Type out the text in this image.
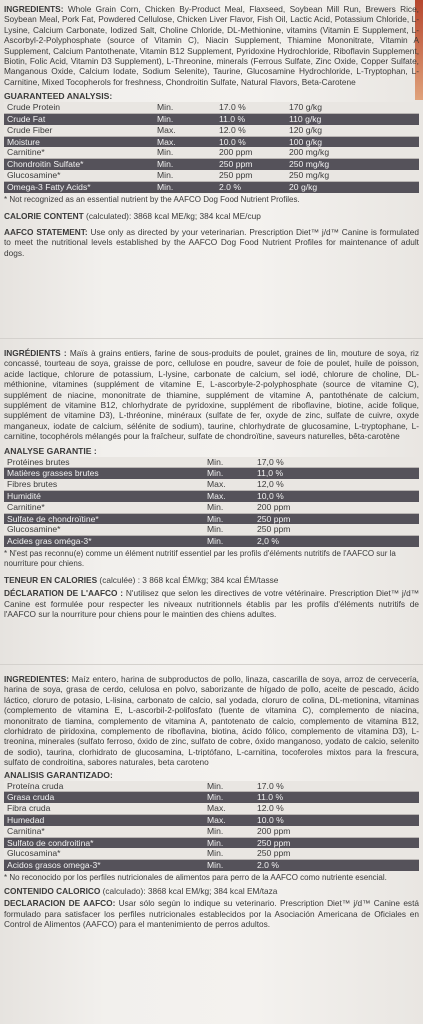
INGREDIENTS: Whole Grain Corn, Chicken By-Product Meal, Flaxseed, Soybean Mill Run, Brewers Rice, Soybean Meal, Pork Fat, Powdered Cellulose, Chicken Liver Flavor, Fish Oil, Lactic Acid, Potassium Chloride, L-Lysine, Calcium Carbonate, Iodized Salt, Choline Chloride, DL-Methionine, vitamins (Vitamin E Supplement, L-Ascorbyl-2-Polyphosphate (source of Vitamin C), Niacin Supplement, Thiamine Mononitrate, Vitamin A Supplement, Calcium Pantothenate, Vitamin B12 Supplement, Pyridoxine Hydrochloride, Riboflavin Supplement, Biotin, Folic Acid, Vitamin D3 Supplement), L-Threonine, minerals (Ferrous Sulfate, Zinc Oxide, Copper Sulfate, Manganous Oxide, Calcium Iodate, Sodium Selenite), Taurine, Glucosamine Hydrochloride, L-Tryptophan, L-Carnitine, Mixed Tocopherols for freshness, Chondroitin Sulfate, Natural Flavors, Beta-Carotene
GUARANTEED ANALYSIS:
Crude Protein	Min.	17.0 %	170 g/kg
Crude Fat	Min.	11.0 %	110 g/kg
Crude Fiber	Max.	12.0 %	120 g/kg
Moisture	Max.	10.0 %	100 g/kg
Carnitine*	Min.	200 ppm	200 mg/kg
Chondroitin Sulfate*	Min.	250 ppm	250 mg/kg
Glucosamine*	Min.	250 ppm	250 mg/kg
Omega-3 Fatty Acids*	Min.	2.0 %	20 g/kg
* Not recognized as an essential nutrient by the AAFCO Dog Food Nutrient Profiles.
CALORIE CONTENT (calculated): 3868 kcal ME/kg; 384 kcal ME/cup
AAFCO STATEMENT: Use only as directed by your veterinarian. Prescription Diet™ j/d™ Canine is formulated to meet the nutritional levels established by the AAFCO Dog Food Nutrient Profiles for maintenance of adult dogs.
INGRÉDIENTS : Maïs à grains entiers, farine de sous-produits de poulet, graines de lin, mouture de soya, riz concassé, tourteau de soya, graisse de porc, cellulose en poudre, saveur de foie de poulet, huile de poisson, acide lactique, chlorure de potassium, L-lysine, carbonate de calcium, sel iodé, chlorure de choline, DL-méthionine, vitamines (supplément de vitamine E, L-ascorbyle-2-polyphosphate (source de vitamine C), supplément de niacine, mononitrate de thiamine, supplément de vitamine A, pantothénate de calcium, supplément de vitamine B12, chlorhydrate de pyridoxine, supplément de riboflavine, biotine, acide folique, supplément de vitamine D3), L-thréonine, minéraux (sulfate de fer, oxyde de zinc, sulfate de cuivre, oxyde manganeux, iodate de calcium, sélénite de sodium), taurine, chlorhydrate de glucosamine, L-tryptophane, L-carnitine, tocophérols mélangés pour la fraîcheur, sulfate de chondroïtine, saveurs naturelles, bêta-carotène
ANALYSE GARANTIE :
Protéines brutes	Min.	17,0 %
Matières grasses brutes	Min.	11,0 %
Fibres brutes	Max.	12,0 %
Humidité	Max.	10,0 %
Carnitine*	Min.	200 ppm
Sulfate de chondroïtine*	Min.	250 ppm
Glucosamine*	Min.	250 ppm
Acides gras oméga-3*	Min.	2,0 %
* N'est pas reconnu(e) comme un élément nutritif essentiel par les profils d'éléments nutritifs de l'AAFCO sur la nourriture pour chiens.
TENEUR EN CALORIES (calculée) : 3 868 kcal ÉM/kg; 384 kcal ÉM/tasse
DÉCLARATION DE L'AAFCO : N'utilisez que selon les directives de votre vétérinaire. Prescription Diet™ j/d™ Canine est formulée pour respecter les niveaux nutritionnels établis par les profils d'éléments nutritifs de l'AAFCO sur la nourriture pour chiens pour le maintien des chiens adultes.
INGREDIENTES: Maíz entero, harina de subproductos de pollo, linaza, cascarilla de soya, arroz de cervecería, harina de soya, grasa de cerdo, celulosa en polvo, saborizante de hígado de pollo, aceite de pescado, ácido láctico, cloruro de potasio, L-lisina, carbonato de calcio, sal yodada, cloruro de colina, DL-metionina, vitaminas (complemento de vitamina E, L-ascorbil-2-polifosfato (fuente de vitamina C), complemento de niacina, mononitrato de tiamina, complemento de vitamina A, pantotenato de calcio, complemento de vitamina B12, clorhidrato de piridoxina, complemento de riboflavina, biotina, ácido fólico, complemento de vitamina D3), L-treonina, minerales (sulfato ferroso, óxido de zinc, sulfato de cobre, óxido manganoso, yodato de calcio, selenito de sodio), taurina, clorhidrato de glucosamina, L-triptófano, L-carnitina, tocoferoles mixtos para la frescura, sulfato de condroitina, sabores naturales, beta caroteno
ANALISIS GARANTIZADO:
Proteína cruda	Min.	17.0 %
Grasa cruda	Min.	11.0 %
Fibra cruda	Max.	12.0 %
Humedad	Max.	10.0 %
Carnitina*	Min.	200 ppm
Sulfato de condroitina*	Min.	250 ppm
Glucosamina*	Min.	250 ppm
Acidos grasos omega-3*	Min.	2.0 %
* No reconocido por los perfiles nutricionales de alimentos para perro de la AAFCO como nutriente esencial.
CONTENIDO CALORICO (calculado): 3868 kcal EM/kg; 384 kcal EM/taza
DECLARACION DE AAFCO: Usar sólo según lo indique su veterinario. Prescription Diet™ j/d™ Canine está formulado para satisfacer los perfiles nutricionales establecidos por la Asociación Americana de Oficiales en Control de Alimentos (AAFCO) para el mantenimiento de perros adultos.
